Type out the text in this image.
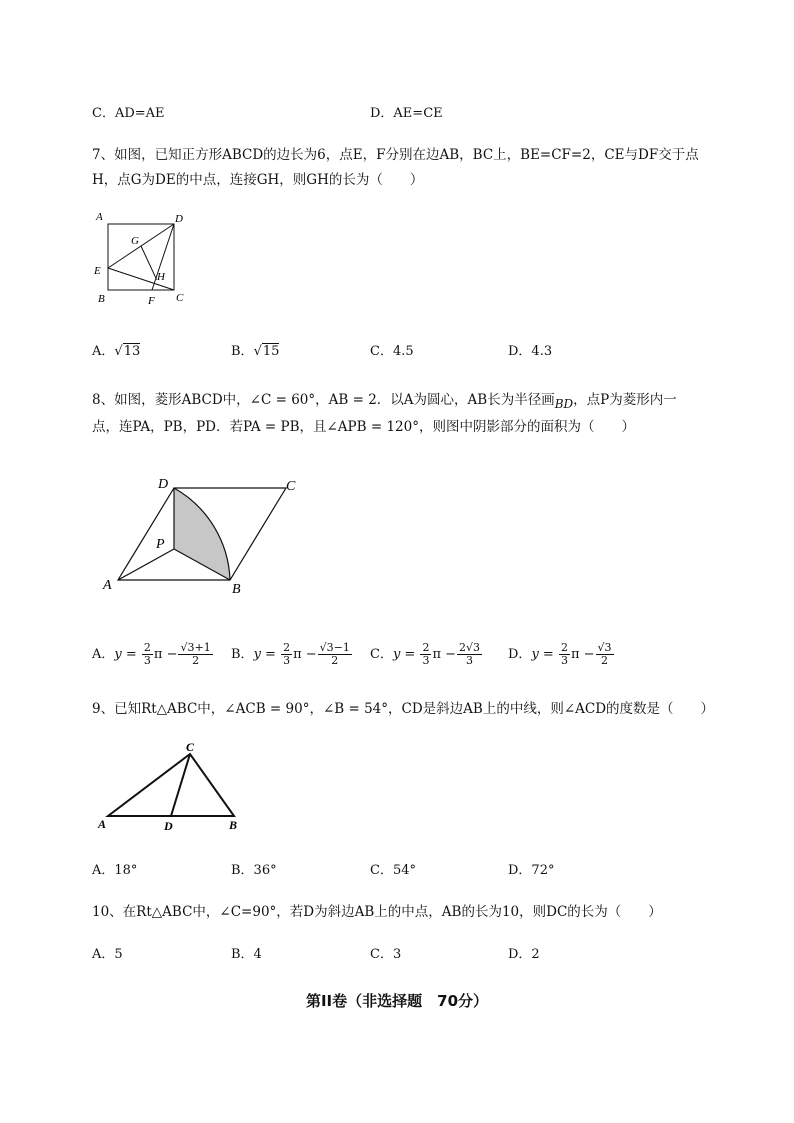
C．AD=AE	D．AE=CE
7、如图，已知正方形ABCD的边长为6，点E，F分别在边AB，BC上，BE=CF=2，CE与DF交于点
H，点G为DE的中点，连接GH，则GH的长为（　　）
A	D
G
E	H
B	F C
A．√13	B．√15	C．4.5	D．4.3
8、如图，菱形ABCD中，∠C = 60°，AB = 2．以A为圆心，AB长为半径画BD，点P为菱形内一
点，连PA，PB，PD．若PA = PB，且∠APB = 120°，则图中阴影部分的面积为（　　）
D	C
P
A	B
A．$y = \frac{2}{3}$ $\pi - \frac{√3+1}{2}$ B．$y = \frac{2}{3}$ $\pi - \frac{√3-1}{2}$ C．$y = \frac{2}{3}$ $\pi - \frac{2√3}{3}$ D．$y = \frac{2}{3}$ $\pi - \frac{√3}{2}$
9、已知Rt△ABC中，∠ACB = 90°，∠B = 54°，CD是斜边AB上的中线，则∠ACD的度数是（　　）
C
A	D	B
A．18°	B．36°	C．54°	D．72°
10、在Rt△ABC中，∠C=90°，若D为斜边AB上的中点，AB的长为10，则DC的长为（　　）
A．5	B．4	C．3	D．2
第II卷（非选择题　70分）
